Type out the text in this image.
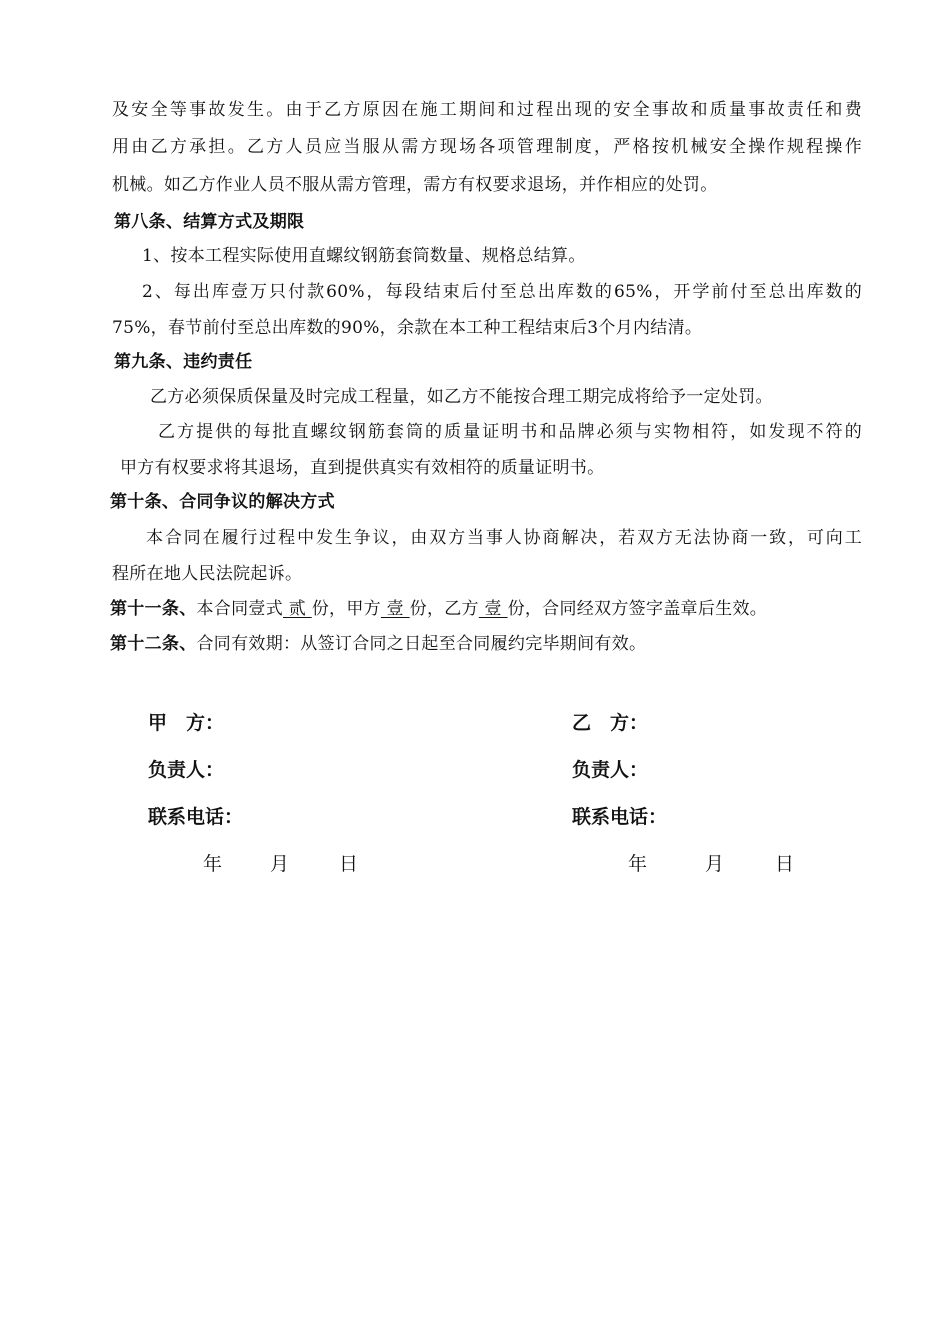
及安全等事故发生。由于乙方原因在施工期间和过程出现的安全事故和质量事故责任和费
用由乙方承担。乙方人员应当服从需方现场各项管理制度，严格按机械安全操作规程操作
机械。如乙方作业人员不服从需方管理，需方有权要求退场，并作相应的处罚。
第八条、结算方式及期限
1、按本工程实际使用直螺纹钢筋套筒数量、规格总结算。
2、每出库壹万只付款60%，每段结束后付至总出库数的65%，开学前付至总出库数的
75%，春节前付至总出库数的90%，余款在本工种工程结束后3个月内结清。
第九条、违约责任
乙方必须保质保量及时完成工程量，如乙方不能按合理工期完成将给予一定处罚。
乙方提供的每批直螺纹钢筋套筒的质量证明书和品牌必须与实物相符，如发现不符的
甲方有权要求将其退场，直到提供真实有效相符的质量证明书。
第十条、合同争议的解决方式
本合同在履行过程中发生争议，由双方当事人协商解决，若双方无法协商一致，可向工
程所在地人民法院起诉。
第十一条、本合同壹式 贰 份，甲方 壹 份，乙方 壹 份，合同经双方签字盖章后生效。
第十二条、合同有效期：从签订合同之日起至合同履约完毕期间有效。
甲　方：
负责人：
联系电话：
年	月	日
乙　方：
负责人：
联系电话：
年	月	日
